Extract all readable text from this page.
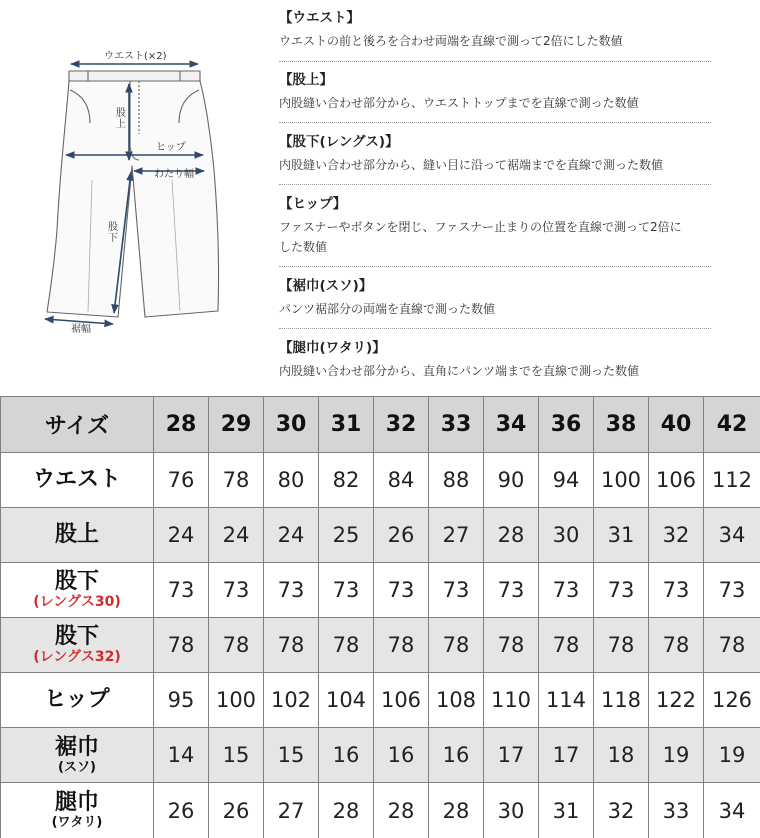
ウエスト(×2)
股上
ヒップ
わたり幅
股下
裾幅
【ウエスト】
ウエストの前と後ろを合わせ両端を直線で測って2倍にした数値
【股上】
内股縫い合わせ部分から、ウエストトップまでを直線で測った数値
【股下(レングス)】
内股縫い合わせ部分から、縫い目に沿って裾端までを直線で測った数値
【ヒップ】
ファスナーやボタンを閉じ、ファスナー止まりの位置を直線で測って2倍にした数値
【裾巾(スソ)】
パンツ裾部分の両端を直線で測った数値
【腿巾(ワタリ)】
内股縫い合わせ部分から、直角にパンツ端までを直線で測った数値
サイズ	28	29	30	31	32	33	34	36	38	40	42
ウエスト	76	78	80	82	84	88	90	94	100	106	112
股上	24	24	24	25	26	27	28	30	31	32	34
股下
(レングス30)	73	73	73	73	73	73	73	73	73	73	73
股下
(レングス32)	78	78	78	78	78	78	78	78	78	78	78
ヒップ	95	100	102	104	106	108	110	114	118	122	126
裾巾
(スソ)	14	15	15	16	16	16	17	17	18	19	19
腿巾
(ワタリ)	26	26	27	28	28	28	30	31	32	33	34
